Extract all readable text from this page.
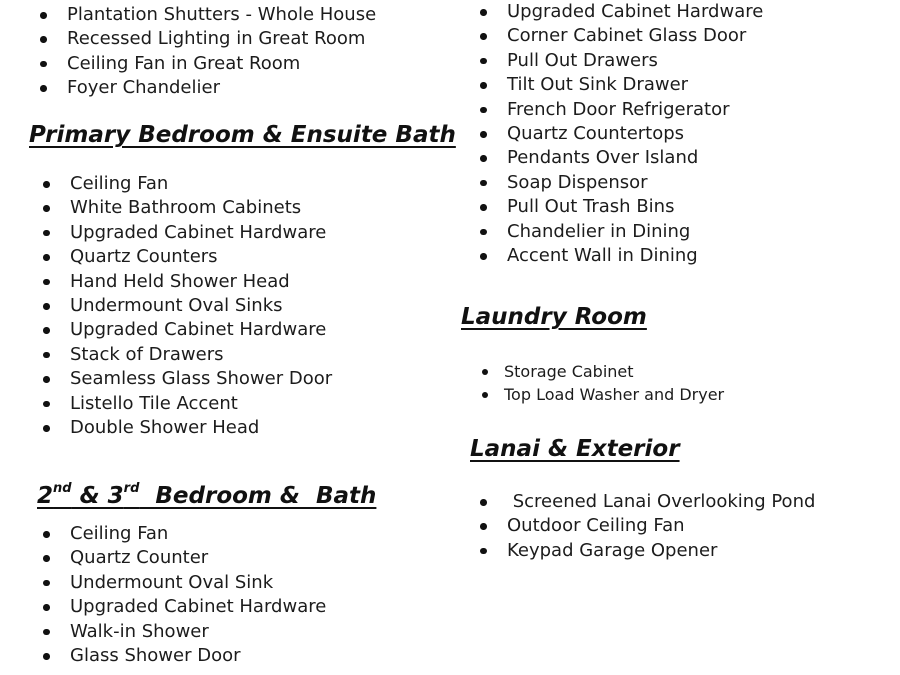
Plantation Shutters - Whole House
Recessed Lighting in Great Room
Ceiling Fan in Great Room
Foyer Chandelier
Primary Bedroom & Ensuite Bath
Ceiling Fan
White Bathroom Cabinets
Upgraded Cabinet Hardware
Quartz Counters
Hand Held Shower Head
Undermount Oval Sinks
Upgraded Cabinet Hardware
Stack of Drawers
Seamless Glass Shower Door
Listello Tile Accent
Double Shower Head
2nd & 3rd  Bedroom &  Bath
Ceiling Fan
Quartz Counter
Undermount Oval Sink
Upgraded Cabinet Hardware
Walk-in Shower
Glass Shower Door
Upgraded Cabinet Hardware
Corner Cabinet Glass Door
Pull Out Drawers
Tilt Out Sink Drawer
French Door Refrigerator
Quartz Countertops
Pendants Over Island
Soap Dispensor
Pull Out Trash Bins
Chandelier in Dining
Accent Wall in Dining
Laundry Room
Storage Cabinet
Top Load Washer and Dryer
Lanai & Exterior
Screened Lanai Overlooking Pond
Outdoor Ceiling Fan
Keypad Garage Opener
